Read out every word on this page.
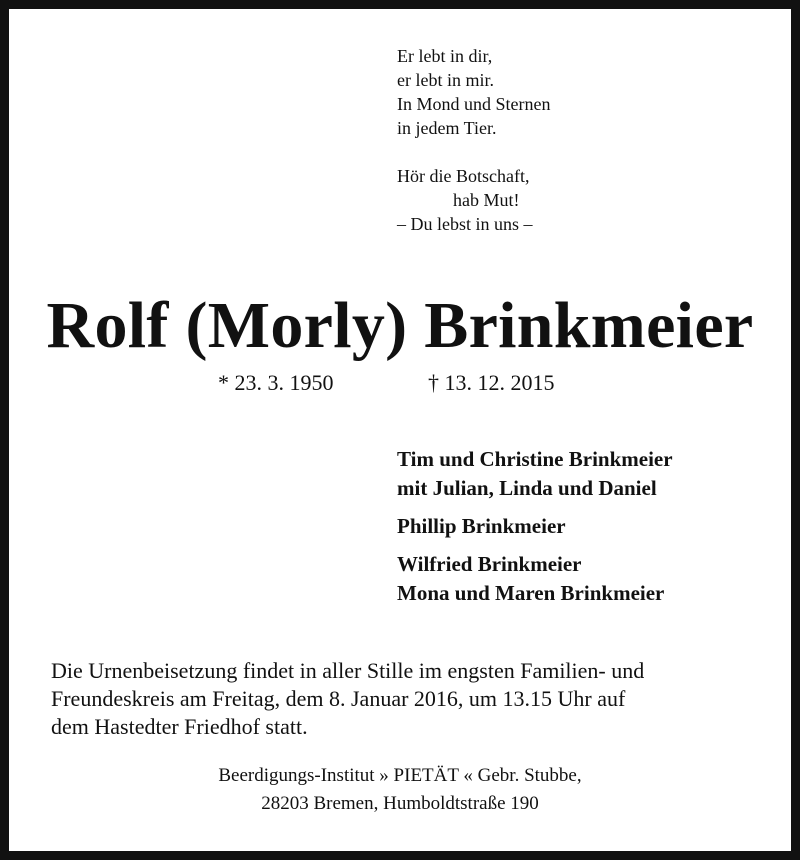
Er lebt in dir,
er lebt in mir.
In Mond und Sternen
in jedem Tier.
Hör die Botschaft,
hab Mut!
– Du lebst in uns –
Rolf (Morly) Brinkmeier
* 23. 3. 1950	† 13. 12. 2015
Tim und Christine Brinkmeier
mit Julian, Linda und Daniel
Phillip Brinkmeier
Wilfried Brinkmeier
Mona und Maren Brinkmeier
Die Urnenbeisetzung findet in aller Stille im engsten Familien- und
Freundeskreis am Freitag, dem 8. Januar 2016, um 13.15 Uhr auf
dem Hastedter Friedhof statt.
Beerdigungs-Institut » PIETÄT « Gebr. Stubbe,
28203 Bremen, Humboldtstraße 190
